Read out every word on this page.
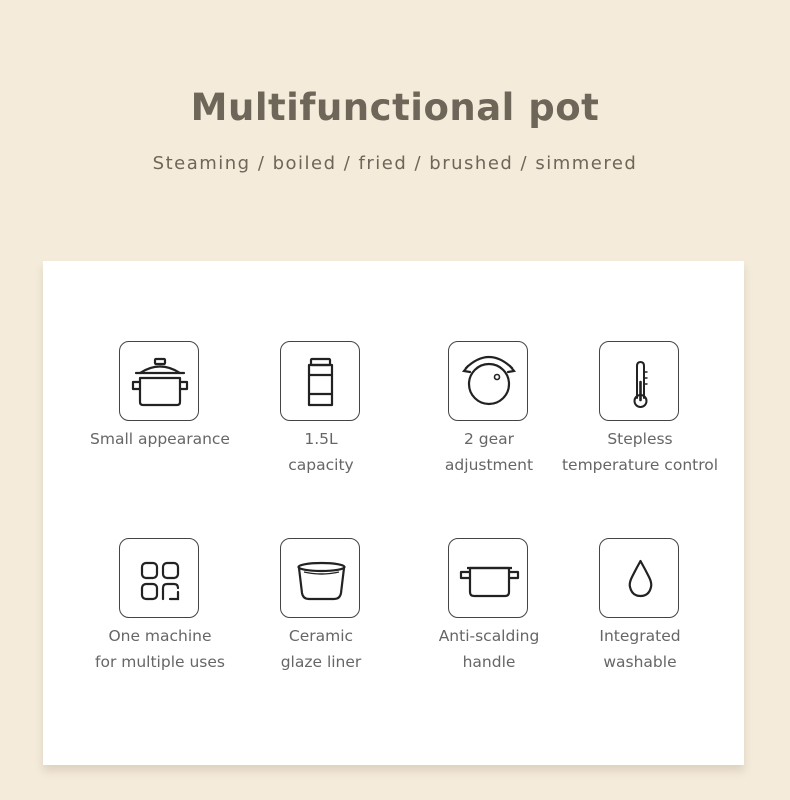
Multifunctional pot
Steaming / boiled / fried / brushed / simmered
Small appearance	1.5L
capacity
2 gear
adjustment
Stepless
temperature control
One machine
for multiple uses
Ceramic
glaze liner
Anti-scalding
handle
Integrated
washable
